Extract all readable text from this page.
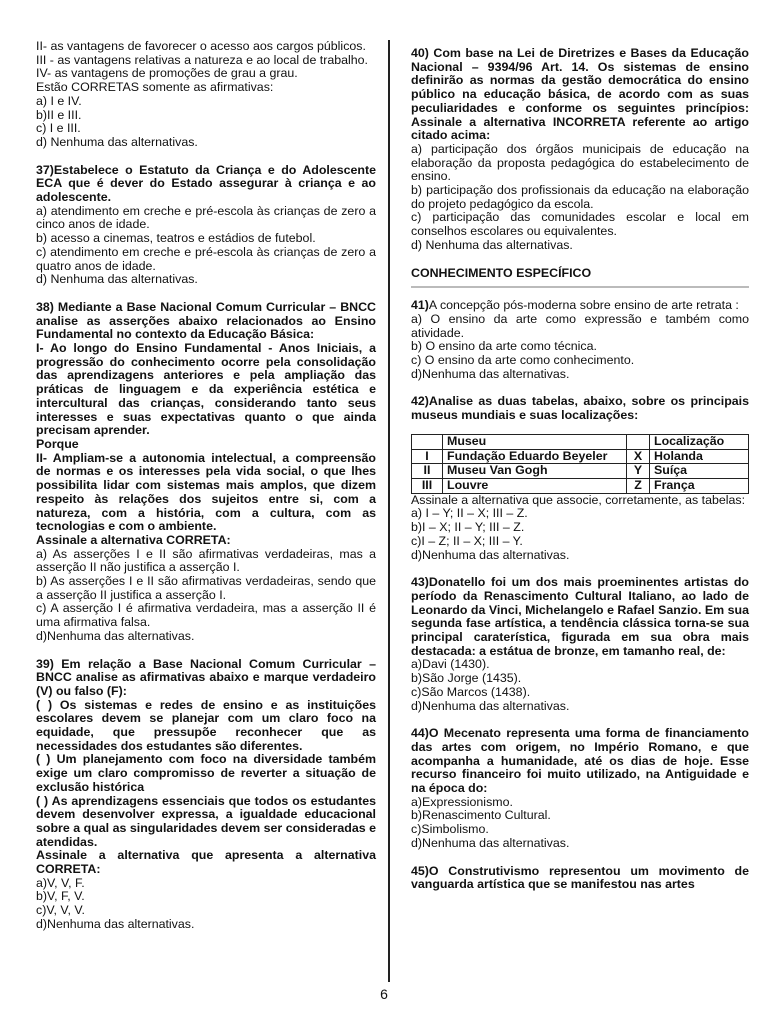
II- as vantagens de favorecer o acesso aos cargos públicos.

III - as vantagens relativas a natureza e ao local de trabalho.

IV- as vantagens de promoções de grau a grau.

Estão CORRETAS somente as afirmativas:

a) I e IV.

b)II e III.

c) I e III.

d) Nenhuma das alternativas.

37)Estabelece o Estatuto da Criança e do Adolescente ECA que é dever do Estado assegurar à criança e ao adolescente.

a) atendimento em creche e pré-escola às crianças de zero a cinco anos de idade.

b) acesso a cinemas, teatros e estádios de futebol.

c) atendimento em creche e pré-escola às crianças de zero a quatro anos de idade.

d) Nenhuma das alternativas.

38) Mediante a Base Nacional Comum Curricular – BNCC analise as asserções abaixo relacionados ao Ensino Fundamental no contexto da Educação Básica:

I- Ao longo do Ensino Fundamental - Anos Iniciais, a progressão do conhecimento ocorre pela consolidação das aprendizagens anteriores e pela ampliação das práticas de linguagem e da experiência estética e intercultural das crianças, considerando tanto seus interesses e suas expectativas quanto o que ainda precisam aprender.

Porque

II- Ampliam-se a autonomia intelectual, a compreensão de normas e os interesses pela vida social, o que lhes possibilita lidar com sistemas mais amplos, que dizem respeito às relações dos sujeitos entre si, com a natureza, com a história, com a cultura, com as tecnologias e com o ambiente.

Assinale a alternativa CORRETA:

a) As asserções I e II são afirmativas verdadeiras, mas a asserção II não justifica a asserção I.

b) As asserções I e II são afirmativas verdadeiras, sendo que a asserção II justifica a asserção I.

c) A asserção I é afirmativa verdadeira, mas a asserção II é uma afirmativa falsa.

d)Nenhuma das alternativas.

39) Em relação a Base Nacional Comum Curricular – BNCC analise as afirmativas abaixo e marque verdadeiro (V) ou falso (F):

( ) Os sistemas e redes de ensino e as instituições escolares devem se planejar com um claro foco na equidade, que pressupõe reconhecer que as necessidades dos estudantes são diferentes.

( ) Um planejamento com foco na diversidade também exige um claro compromisso de reverter a situação de exclusão histórica

( ) As aprendizagens essenciais que todos os estudantes devem desenvolver expressa, a igualdade educacional sobre a qual as singularidades devem ser consideradas e atendidas.

Assinale a alternativa que apresenta a alternativa CORRETA:

a)V, V, F.

b)V, F, V.

c)V, V, V.

d)Nenhuma das alternativas.

40) Com base na Lei de Diretrizes e Bases da Educação Nacional – 9394/96 Art. 14. Os sistemas de ensino definirão as normas da gestão democrática do ensino público na educação básica, de acordo com as suas peculiaridades e conforme os seguintes princípios: Assinale a alternativa INCORRETA referente ao artigo citado acima:

a) participação dos órgãos municipais de educação na elaboração da proposta pedagógica do estabelecimento de ensino.

b) participação dos profissionais da educação na elaboração do projeto pedagógico da escola.

c) participação das comunidades escolar e local em conselhos escolares ou equivalentes.

d) Nenhuma das alternativas.

CONHECIMENTO ESPECÍFICO

41)A concepção pós-moderna sobre ensino de arte retrata :

a) O ensino da arte como expressão e também como atividade.

b) O ensino da arte como técnica.

c) O ensino da arte como conhecimento.

d)Nenhuma das alternativas.

42)Analise as duas tabelas, abaixo, sobre os principais museus mundiais e suas localizações:

	Museu		Localização
I	Fundação Eduardo Beyeler	X	Holanda
II	Museu Van Gogh	Y	Suíça
III	Louvre	Z	França

Assinale a alternativa que associe, corretamente, as tabelas:

a) I – Y; II – X; III – Z.

b)I – X; II – Y; III – Z.

c)I – Z; II – X; III – Y.

d)Nenhuma das alternativas.

43)Donatello foi um dos mais proeminentes artistas do período da Renascimento Cultural Italiano, ao lado de Leonardo da Vinci, Michelangelo e Rafael Sanzio. Em sua segunda fase artística, a tendência clássica torna-se sua principal caraterística, figurada em sua obra mais destacada: a estátua de bronze, em tamanho real, de:

a)Davi (1430).

b)São Jorge (1435).

c)São Marcos (1438).

d)Nenhuma das alternativas.

44)O Mecenato representa uma forma de financiamento das artes com origem, no Império Romano, e que acompanha a humanidade, até os dias de hoje. Esse recurso financeiro foi muito utilizado, na Antiguidade e na época do:

a)Expressionismo.

b)Renascimento Cultural.

c)Simbolismo.

d)Nenhuma das alternativas.

45)O Construtivismo representou um movimento de vanguarda artística que se manifestou nas artes

6
